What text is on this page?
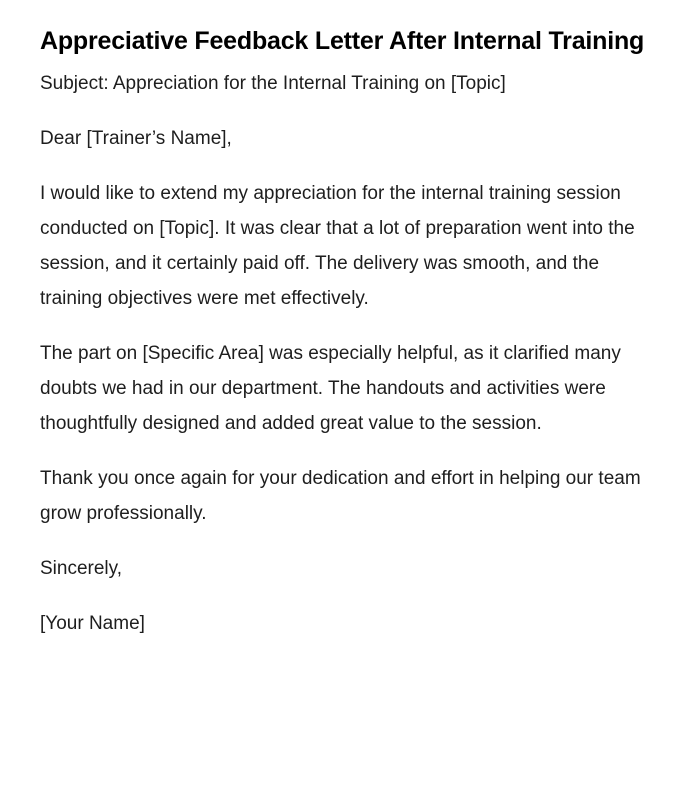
Appreciative Feedback Letter After Internal Training

Subject: Appreciation for the Internal Training on [Topic]

Dear [Trainer’s Name],

I would like to extend my appreciation for the internal training session conducted on [Topic]. It was clear that a lot of preparation went into the session, and it certainly paid off. The delivery was smooth, and the training objectives were met effectively.

The part on [Specific Area] was especially helpful, as it clarified many doubts we had in our department. The handouts and activities were thoughtfully designed and added great value to the session.

Thank you once again for your dedication and effort in helping our team grow professionally.

Sincerely,

[Your Name]
